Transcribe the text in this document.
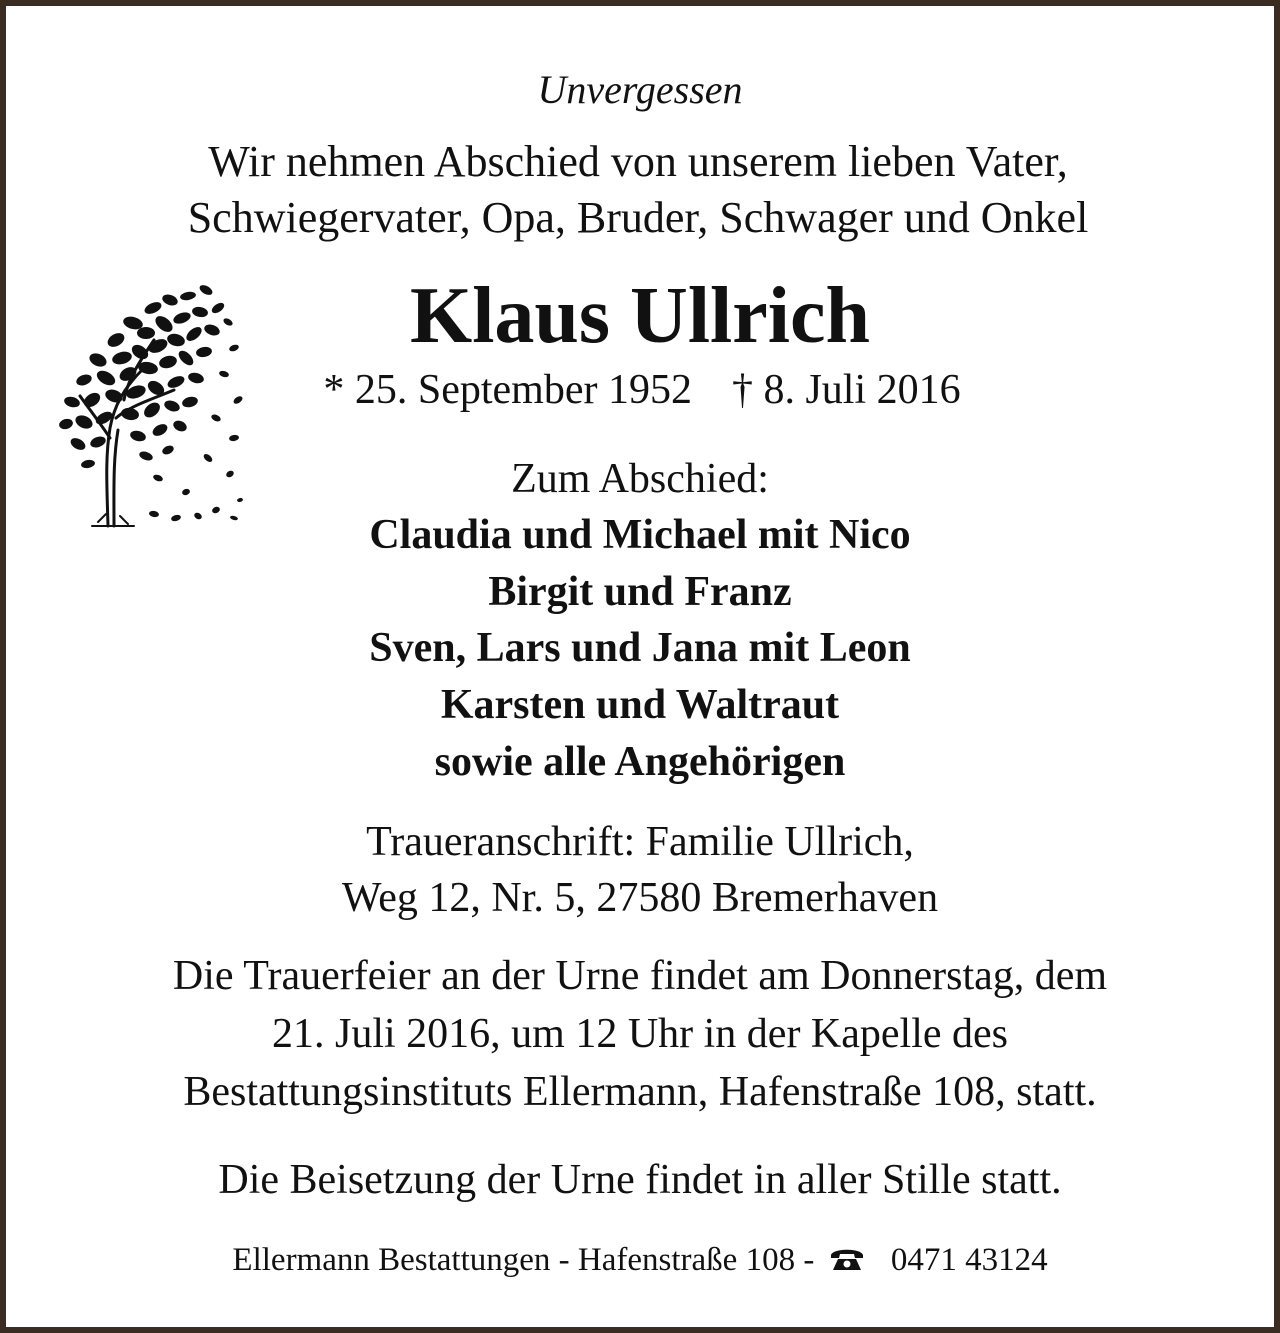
Unvergessen
Wir nehmen Abschied von unserem lieben Vater,
Schwiegervater, Opa, Bruder, Schwager und Onkel
Klaus Ullrich
* 25. September 1952 † 8. Juli 2016
Zum Abschied:
Claudia und Michael mit Nico
Birgit und Franz
Sven, Lars und Jana mit Leon
Karsten und Waltraut
sowie alle Angehörigen
Traueranschrift: Familie Ullrich,
Weg 12, Nr. 5, 27580 Bremerhaven
Die Trauerfeier an der Urne findet am Donnerstag, dem
21. Juli 2016, um 12 Uhr in der Kapelle des
Bestattungsinstituts Ellermann, Hafenstraße 108, statt.
Die Beisetzung der Urne findet in aller Stille statt.
Ellermann Bestattungen - Hafenstraße 108 - 0471 43124
